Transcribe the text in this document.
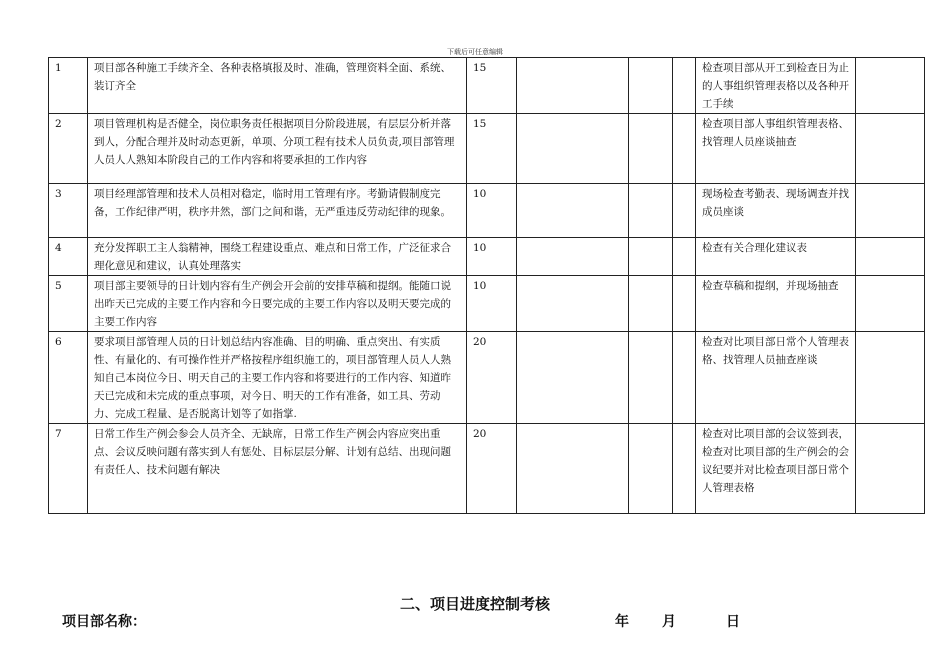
下载后可任意编辑
1	项目部各种施工手续齐全、各种表格填报及时、准确，管理资料全面、系统、装订齐全	15				检查项目部从开工到检查日为止的人事组织管理表格以及各种开工手续	
2	项目管理机构是否健全，岗位职务责任根据项目分阶段进展，有层层分析并落到人，分配合理并及时动态更新，单项、分项工程有技术人员负责,项目部管理人员人人熟知本阶段自己的工作内容和将要承担的工作内容	15				检查项目部人事组织管理表格、找管理人员座谈抽查	
3	项目经理部管理和技术人员相对稳定，临时用工管理有序。考勤请假制度完备，工作纪律严明，秩序井然，部门之间和谐，无严重违反劳动纪律的现象。	10				现场检查考勤表、现场调查并找成员座谈	
4	充分发挥职工主人翁精神，围绕工程建设重点、难点和日常工作，广泛征求合理化意见和建议，认真处理落实	10				检查有关合理化建议表	
5	项目部主要领导的日计划内容有生产例会开会前的安排草稿和提纲。能随口说出昨天已完成的主要工作内容和今日要完成的主要工作内容以及明天要完成的主要工作内容	10				检查草稿和提纲，并现场抽查	
6	要求项目部管理人员的日计划总结内容准确、目的明确、重点突出、有实质性、有量化的、有可操作性并严格按程序组织施工的，项目部管理人员人人熟知自己本岗位今日、明天自己的主要工作内容和将要进行的工作内容、知道昨天已完成和未完成的重点事项，对今日、明天的工作有准备，如工具、劳动力、完成工程量、是否脱离计划等了如指掌.	20				检查对比项目部日常个人管理表格、找管理人员抽查座谈	
7	日常工作生产例会参会人员齐全、无缺席，日常工作生产例会内容应突出重点、会议反映问题有落实到人有惩处、目标层层分解、计划有总结、出现问题有责任人、技术问题有解决	20				检查对比项目部的会议签到表，检查对比项目部的生产例会的会议纪要并对比检查项目部日常个人管理表格	
二、项目进度控制考核
项目部名称：	年 月	日
